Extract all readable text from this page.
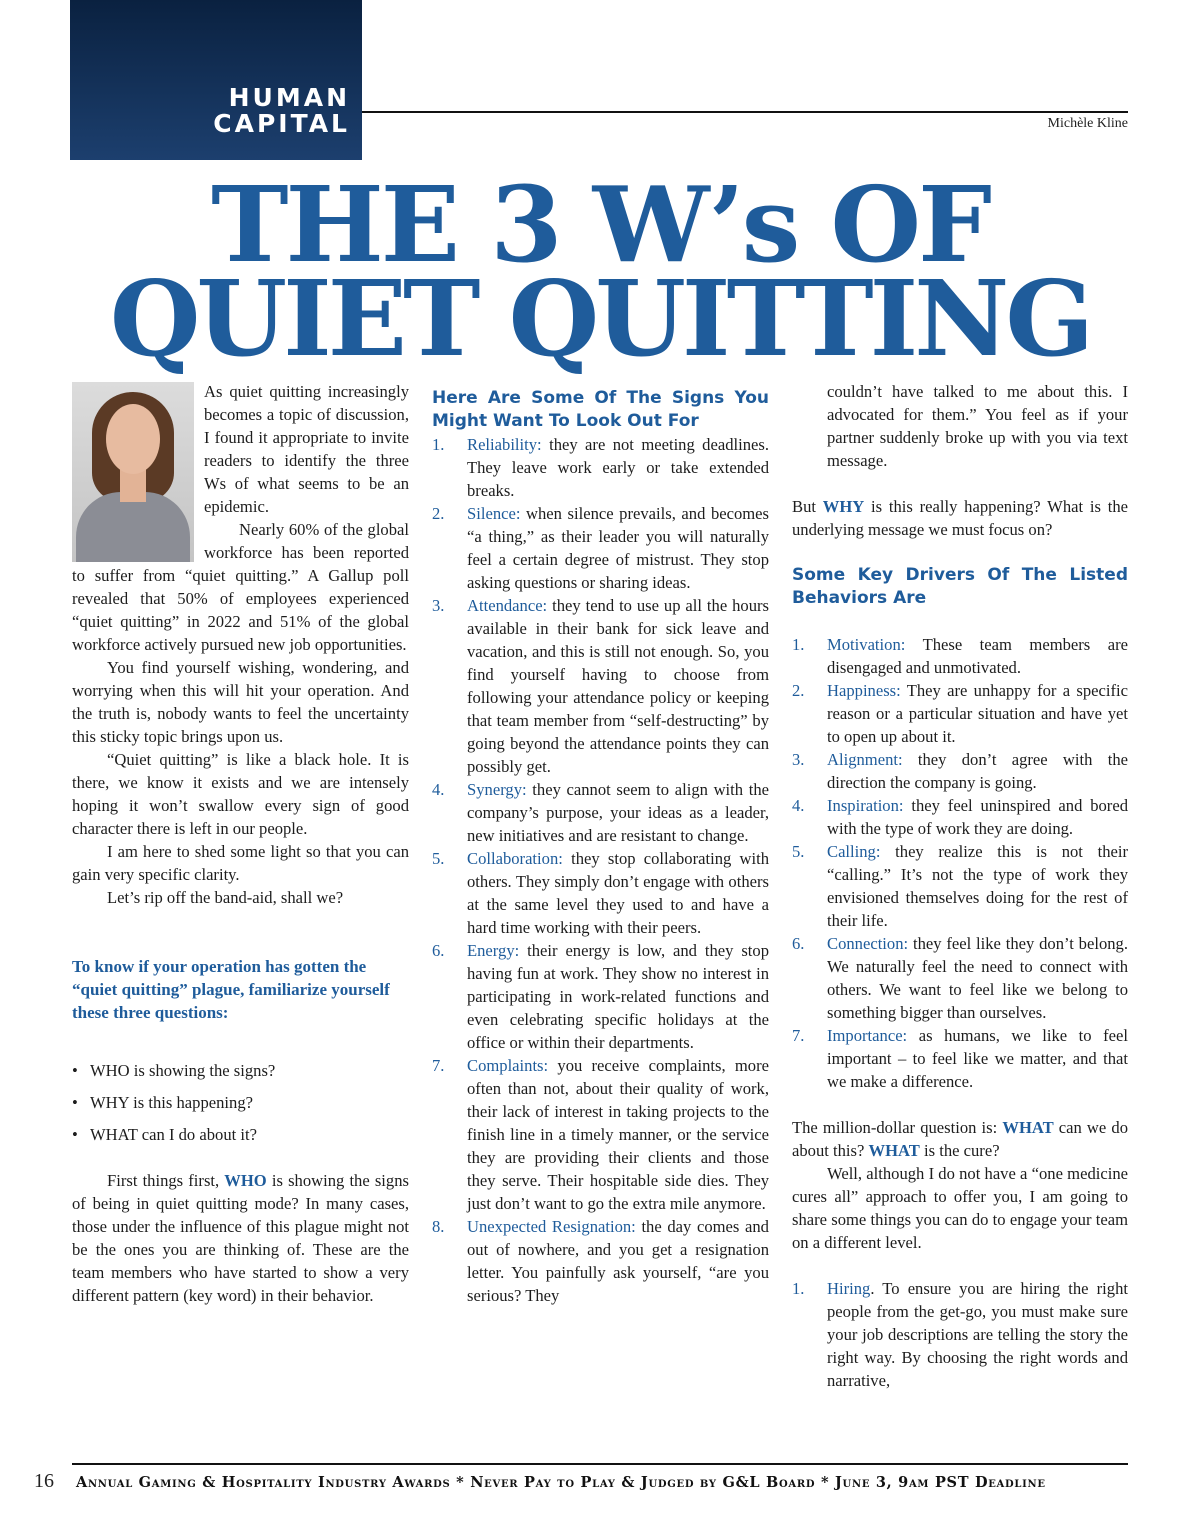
HUMAN
CAPITAL	Michèle Kline
THE 3 W’s OF
QUIET QUITTING

As quiet quitting increasingly becomes a topic of discussion, I found it appropriate to invite readers to identify the three Ws of what seems to be an epidemic.

Nearly 60% of the global workforce has been reported to suffer from “quiet quitting.” A Gallup poll revealed that 50% of employees experienced “quiet quitting” in 2022 and 51% of the global workforce actively pursued new job opportunities.

You find yourself wishing, wondering, and worrying when this will hit your operation. And the truth is, nobody wants to feel the uncertainty this sticky topic brings upon us.

“Quiet quitting” is like a black hole. It is there, we know it exists and we are intensely hoping it won’t swallow every sign of good character there is left in our people.

I am here to shed some light so that you can gain very specific clarity.

Let’s rip off the band-aid, shall we?

To know if your operation has gotten the “quiet quitting” plague, familiarize yourself these three questions:

• WHO is showing the signs?
• WHY is this happening?
• WHAT can I do about it?

First things first, WHO is showing the signs of being in quiet quitting mode? In many cases, those under the influence of this plague might not be the ones you are thinking of. These are the team members who have started to show a very different pattern (key word) in their behavior.

Here Are Some Of The Signs You Might Want To Look Out For

1. Reliability: they are not meeting deadlines. They leave work early or take extended breaks.
2. Silence: when silence prevails, and becomes “a thing,” as their leader you will naturally feel a certain degree of mistrust. They stop asking questions or sharing ideas.
3. Attendance: they tend to use up all the hours available in their bank for sick leave and vacation, and this is still not enough. So, you find yourself having to choose from following your attendance policy or keeping that team member from “self-destructing” by going beyond the attendance points they can possibly get.
4. Synergy: they cannot seem to align with the company’s purpose, your ideas as a leader, new initiatives and are resistant to change.
5. Collaboration: they stop collaborating with others. They simply don’t engage with others at the same level they used to and have a hard time working with their peers.
6. Energy: their energy is low, and they stop having fun at work. They show no interest in participating in work-related functions and even celebrating specific holidays at the office or within their departments.
7. Complaints: you receive complaints, more often than not, about their quality of work, their lack of interest in taking projects to the finish line in a timely manner, or the service they are providing their clients and those they serve. Their hospitable side dies. They just don’t want to go the extra mile anymore.
8. Unexpected Resignation: the day comes and out of nowhere, and you get a resignation letter. You painfully ask yourself, “are you serious? They

couldn’t have talked to me about this. I advocated for them.” You feel as if your partner suddenly broke up with you via text message.

But WHY is this really happening? What is the underlying message we must focus on?

Some Key Drivers Of The Listed Behaviors Are

1. Motivation: These team members are disengaged and unmotivated.
2. Happiness: They are unhappy for a specific reason or a particular situation and have yet to open up about it.
3. Alignment: they don’t agree with the direction the company is going.
4. Inspiration: they feel uninspired and bored with the type of work they are doing.
5. Calling: they realize this is not their “calling.” It’s not the type of work they envisioned themselves doing for the rest of their life.
6. Connection: they feel like they don’t belong. We naturally feel the need to connect with others. We want to feel like we belong to something bigger than ourselves.
7. Importance: as humans, we like to feel important – to feel like we matter, and that we make a difference.

The million-dollar question is: WHAT can we do about this? WHAT is the cure?

Well, although I do not have a “one medicine cures all” approach to offer you, I am going to share some things you can do to engage your team on a different level.

1. Hiring. To ensure you are hiring the right people from the get-go, you must make sure your job descriptions are telling the story the right way. By choosing the right words and narrative,
16 Annual Gaming & Hospitality Industry Awards * Never Pay to Play & Judged by G&L Board * June 3, 9am PST Deadline
